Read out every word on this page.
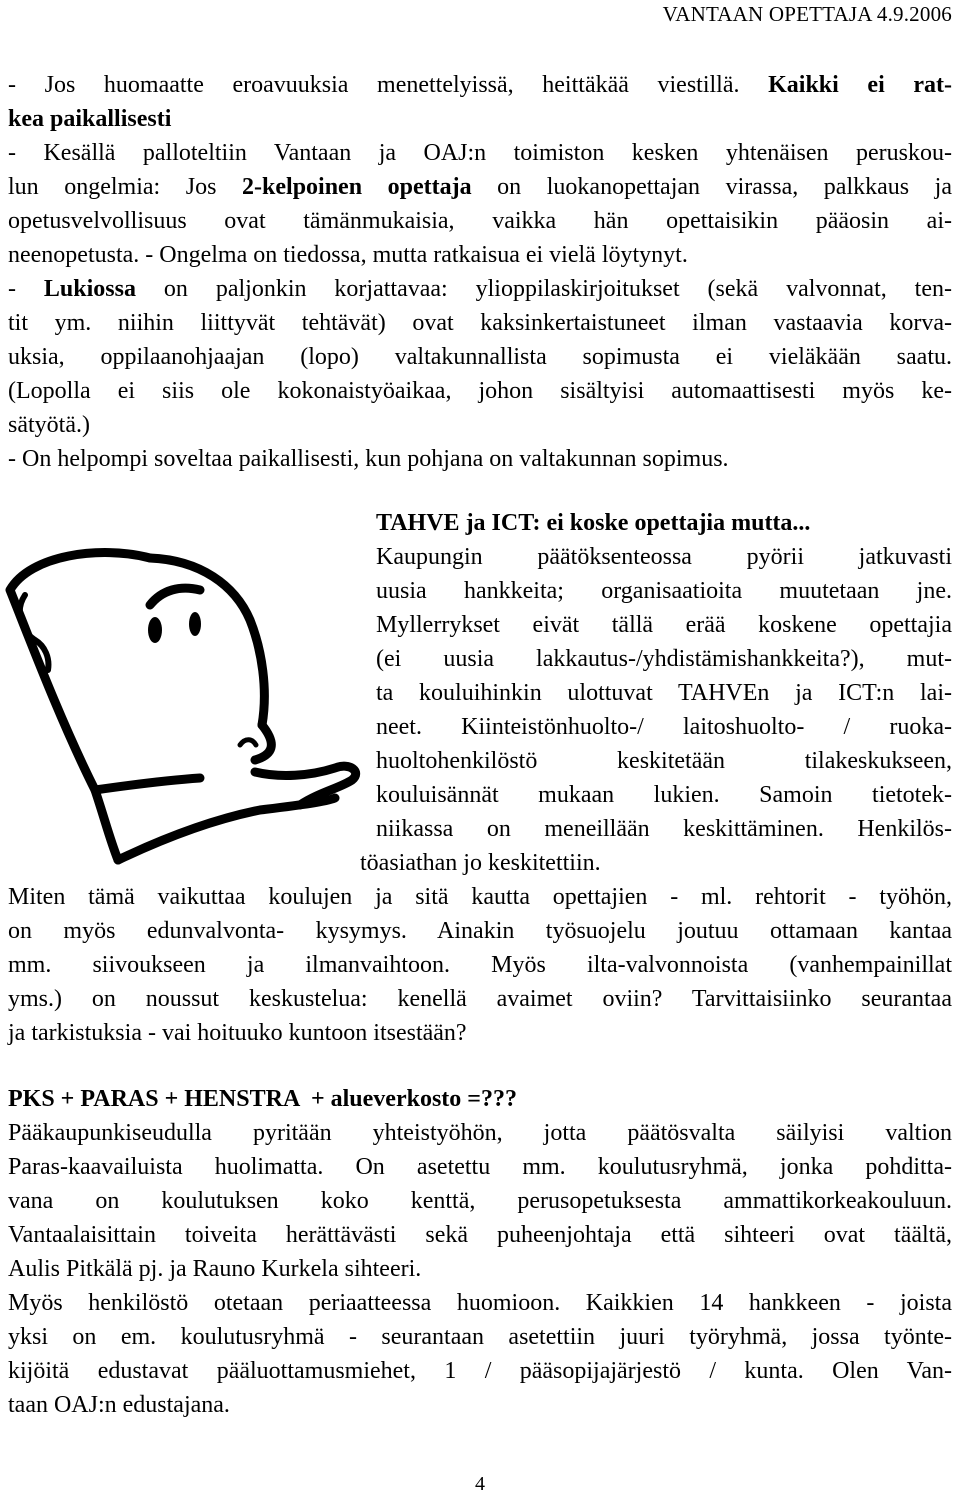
VANTAAN OPETTAJA 4.9.2006
- Jos huomaatte eroavuuksia menettelyissä, heittäkää viestillä. Kaikki ei rat-
kea paikallisesti
- Kesällä palloteltiin Vantaan ja OAJ:n toimiston kesken yhtenäisen peruskou-
lun ongelmia: Jos 2-kelpoinen opettaja on luokanopettajan virassa, palkkaus ja
opetusvelvollisuus ovat tämänmukaisia, vaikka hän opettaisikin pääosin ai-
neenopetusta. - Ongelma on tiedossa, mutta ratkaisua ei vielä löytynyt.
- Lukiossa on paljonkin korjattavaa: ylioppilaskirjoitukset (sekä valvonnat, ten-
tit ym. niihin liittyvät tehtävät) ovat kaksinkertaistuneet ilman vastaavia korva-
uksia, oppilaanohjaajan (lopo) valtakunnallista sopimusta ei vieläkään saatu.
(Lopolla ei siis ole kokonaistyöaikaa, johon sisältyisi automaattisesti myös ke-
sätyötä.)
- On helpompi soveltaa paikallisesti, kun pohjana on valtakunnan sopimus.
TAHVE ja ICT: ei koske opettajia mutta...
Kaupungin päätöksenteossa pyörii jatkuvasti
uusia hankkeita; organisaatioita muutetaan jne.
Myllerrykset eivät tällä erää koskene opettajia
(ei uusia lakkautus-/yhdistämishankkeita?), mut-
ta kouluihinkin ulottuvat TAHVEn ja ICT:n lai-
neet. Kiinteistönhuolto-/ laitoshuolto- / ruoka-
huoltohenkilöstö keskitetään tilakeskukseen,
kouluisännät mukaan lukien. Samoin tietotek-
niikassa on meneillään keskittäminen. Henkilös-
töasiathan jo keskitettiin.
Miten tämä vaikuttaa koulujen ja sitä kautta opettajien - ml. rehtorit - työhön,
on myös edunvalvonta- kysymys. Ainakin työsuojelu joutuu ottamaan kantaa
mm. siivoukseen ja ilmanvaihtoon. Myös ilta-valvonnoista (vanhempainillat
yms.) on noussut keskustelua: kenellä avaimet oviin? Tarvittaisiinko seurantaa
ja tarkistuksia - vai hoituuko kuntoon itsestään?
PKS + PARAS + HENSTRA  + alueverkosto =???
Pääkaupunkiseudulla pyritään yhteistyöhön, jotta päätösvalta säilyisi valtion
Paras-kaavailuista huolimatta. On asetettu mm. koulutusryhmä, jonka pohditta-
vana on koulutuksen koko kenttä, perusopetuksesta ammattikorkeakouluun.
Vantaalaisittain toiveita herättävästi sekä puheenjohtaja että sihteeri ovat täältä,
Aulis Pitkälä pj. ja Rauno Kurkela sihteeri.
Myös henkilöstö otetaan periaatteessa huomioon. Kaikkien 14 hankkeen - joista
yksi on em. koulutusryhmä - seurantaan asetettiin juuri työryhmä, jossa työnte-
kijöitä edustavat pääluottamusmiehet, 1 / pääsopijajärjestö / kunta. Olen Van-
taan OAJ:n edustajana.
4
